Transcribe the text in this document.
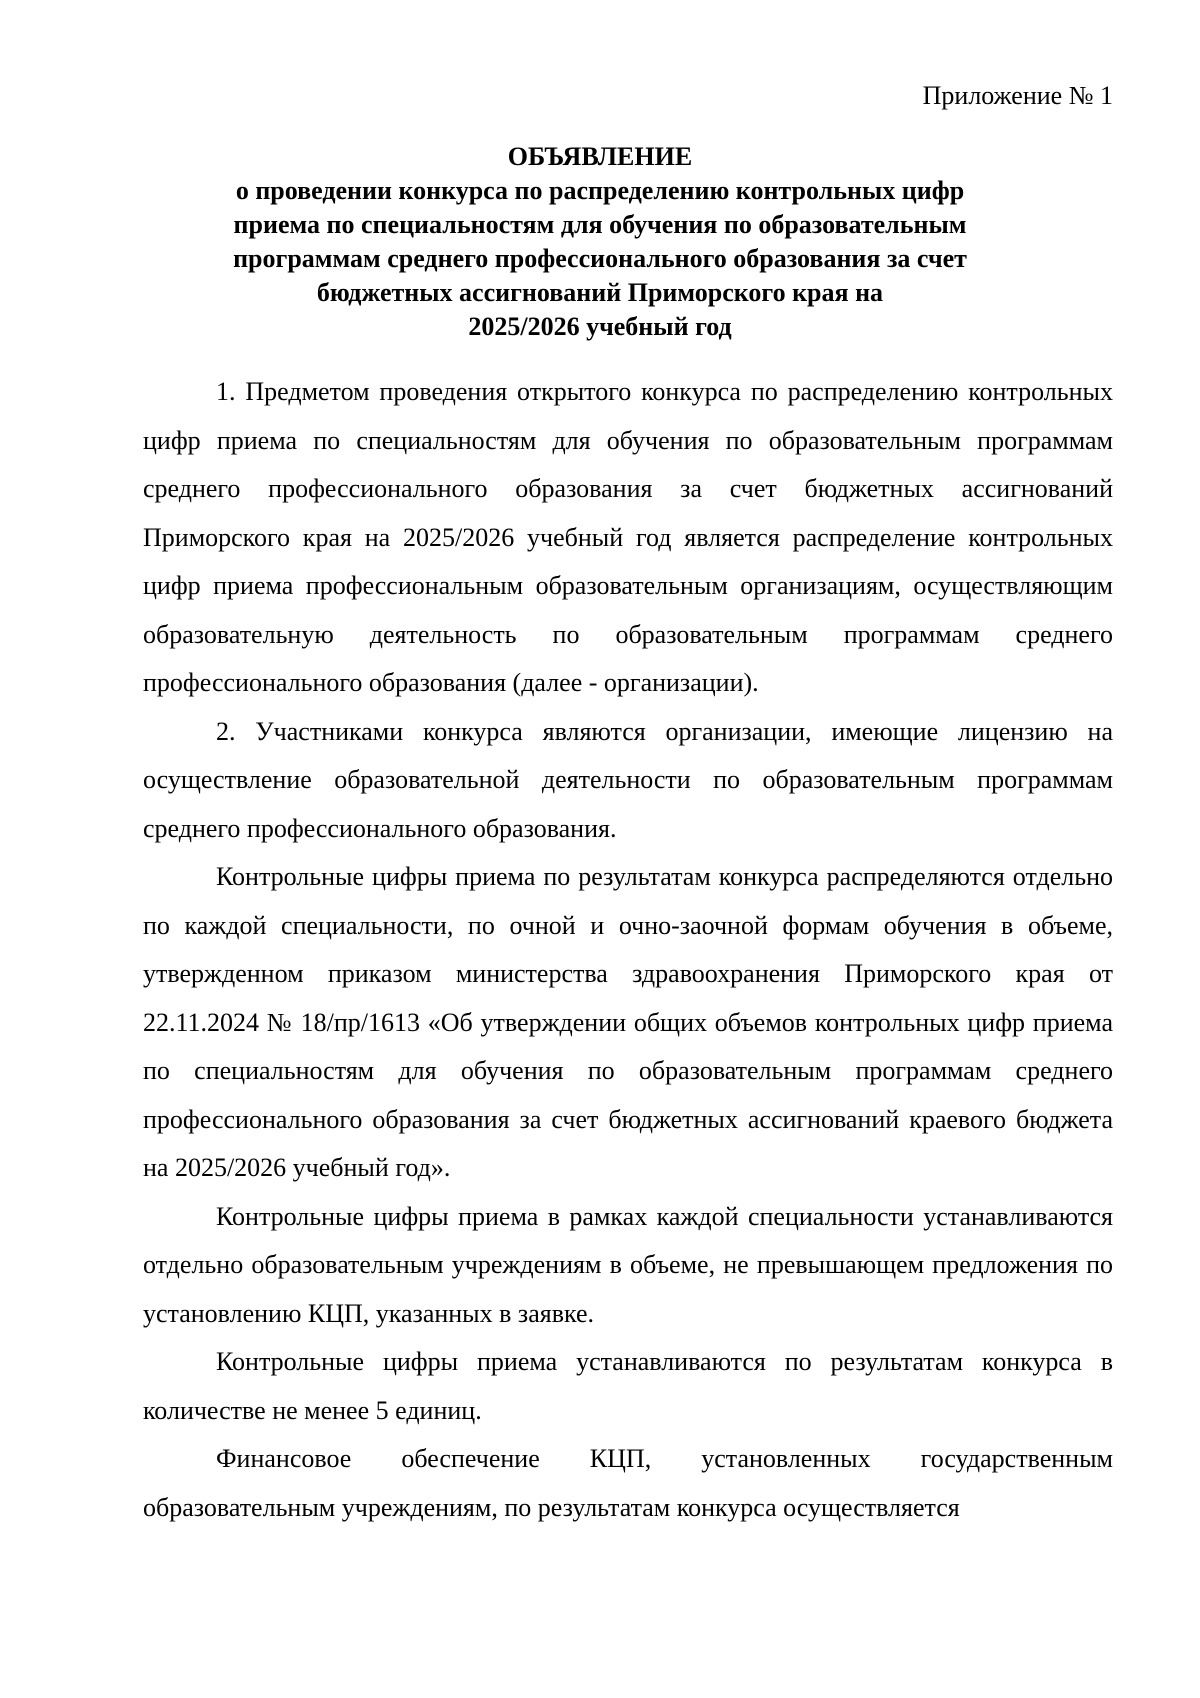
Приложение № 1
ОБЪЯВЛЕНИЕ
о проведении конкурса по распределению контрольных цифр
приема по специальностям для обучения по образовательным
программам среднего профессионального образования за счет
бюджетных ассигнований Приморского края на
2025/2026 учебный год

1. Предметом проведения открытого конкурса по распределению контрольных цифр приема по специальностям для обучения по образовательным программам среднего профессионального образования за счет бюджетных ассигнований Приморского края на 2025/2026 учебный год является распределение контрольных цифр приема профессиональным образовательным организациям, осуществляющим образовательную деятельность по образовательным программам среднего профессионального образования (далее - организации).

2. Участниками конкурса являются организации, имеющие лицензию на осуществление образовательной деятельности по образовательным программам среднего профессионального образования.

Контрольные цифры приема по результатам конкурса распределяются отдельно по каждой специальности, по очной и очно-заочной формам обучения в объеме, утвержденном приказом министерства здравоохранения Приморского края от 22.11.2024 № 18/пр/1613 «Об утверждении общих объемов контрольных цифр приема по специальностям для обучения по образовательным программам среднего профессионального образования за счет бюджетных ассигнований краевого бюджета на 2025/2026 учебный год».

Контрольные цифры приема в рамках каждой специальности устанавливаются отдельно образовательным учреждениям в объеме, не превышающем предложения по установлению КЦП, указанных в заявке.

Контрольные цифры приема устанавливаются по результатам конкурса в количестве не менее 5 единиц.

Финансовое обеспечение КЦП, установленных государственным образовательным учреждениям, по результатам конкурса осуществляется
